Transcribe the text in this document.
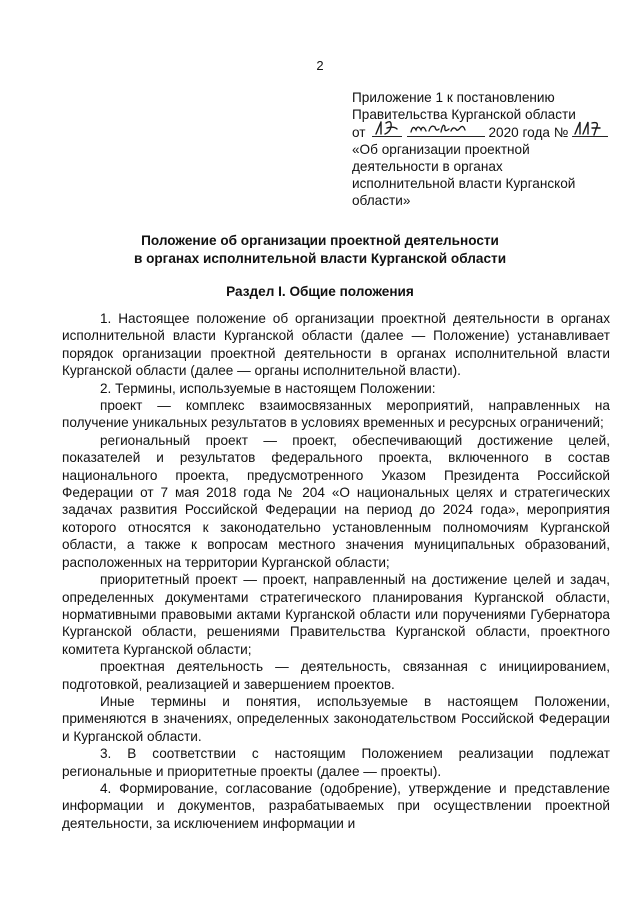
2
Приложение 1 к постановлению
Правительства Курганской области
от	2020 года №
«Об организации проектной
деятельности в органах
исполнительной власти Курганской
области»
Положение об организации проектной деятельности
в органах исполнительной власти Курганской области
Раздел I. Общие положения

1. Настоящее положение об организации проектной деятельности в органах исполнительной власти Курганской области (далее — Положение) устанавливает порядок организации проектной деятельности в органах исполнительной власти Курганской области (далее — органы исполнительной власти).

2. Термины, используемые в настоящем Положении:

проект — комплекс взаимосвязанных мероприятий, направленных на получение уникальных результатов в условиях временных и ресурсных ограничений;

региональный проект — проект, обеспечивающий достижение целей, показателей и результатов федерального проекта, включенного в состав национального проекта, предусмотренного Указом Президента Российской Федерации от 7 мая 2018 года № 204 «О национальных целях и стратегических задачах развития Российской Федерации на период до 2024 года», мероприятия которого относятся к законодательно установленным полномочиям Курганской области, а также к вопросам местного значения муниципальных образований, расположенных на территории Курганской области;

приоритетный проект — проект, направленный на достижение целей и задач, определенных документами стратегического планирования Курганской области, нормативными правовыми актами Курганской области или поручениями Губернатора Курганской области, решениями Правительства Курганской области, проектного комитета Курганской области;

проектная деятельность — деятельность, связанная с инициированием, подготовкой, реализацией и завершением проектов.

Иные термины и понятия, используемые в настоящем Положении, применяются в значениях, определенных законодательством Российской Федерации и Курганской области.

3. В соответствии с настоящим Положением реализации подлежат региональные и приоритетные проекты (далее — проекты).

4. Формирование, согласование (одобрение), утверждение и представление информации и документов, разрабатываемых при осуществлении проектной деятельности, за исключением информации и
